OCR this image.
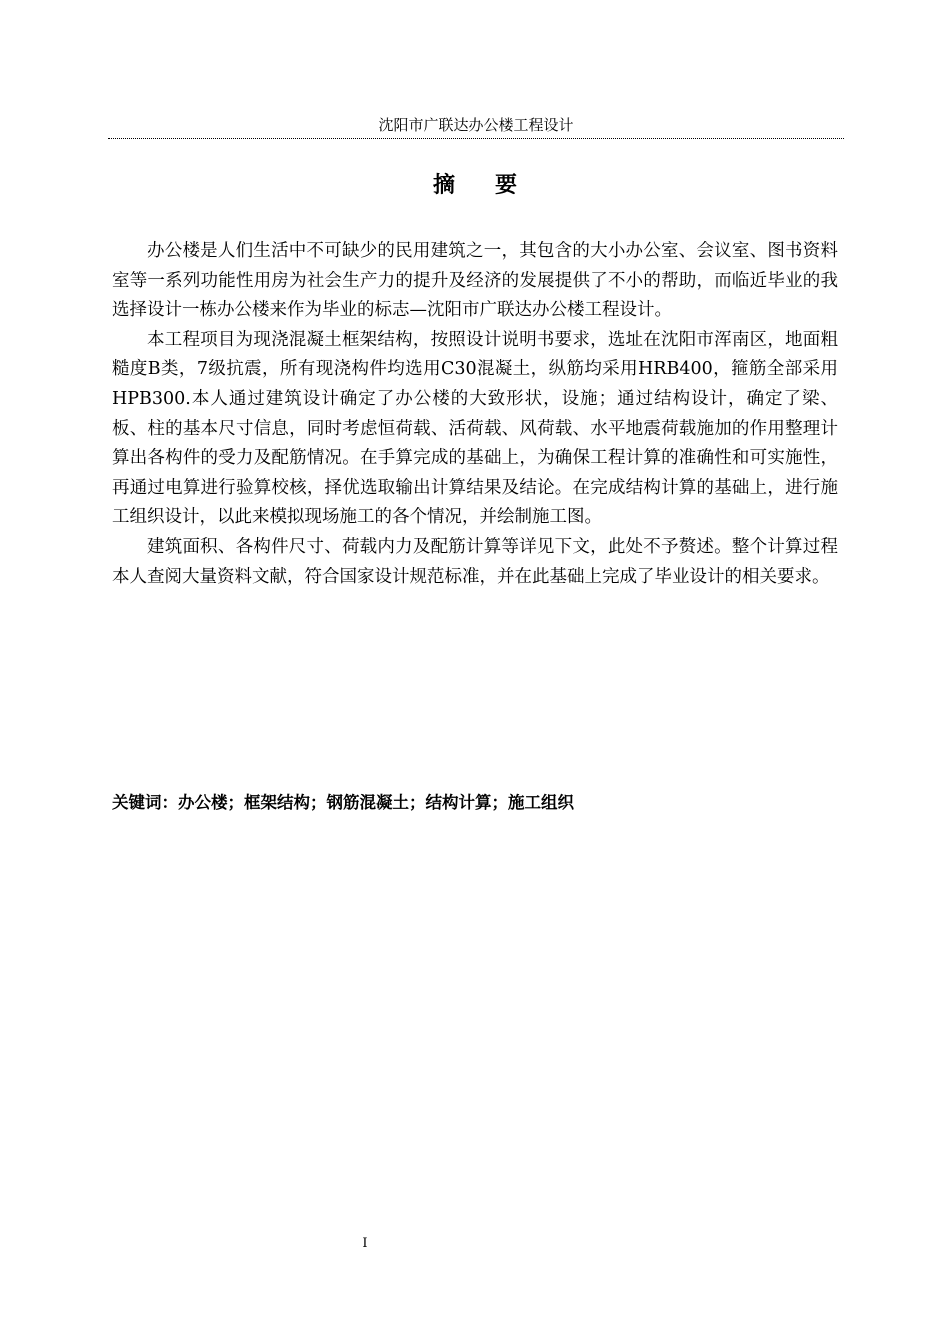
沈阳市广联达办公楼工程设计
摘要

办公楼是人们生活中不可缺少的民用建筑之一，其包含的大小办公室、会议室、图书资料室等一系列功能性用房为社会生产力的提升及经济的发展提供了不小的帮助，而临近毕业的我选择设计一栋办公楼来作为毕业的标志—沈阳市广联达办公楼工程设计。

本工程项目为现浇混凝土框架结构，按照设计说明书要求，选址在沈阳市浑南区，地面粗糙度B类，7级抗震，所有现浇构件均选用C30混凝土，纵筋均采用HRB400，箍筋全部采用HPB300.本人通过建筑设计确定了办公楼的大致形状，设施；通过结构设计，确定了梁、板、柱的基本尺寸信息，同时考虑恒荷载、活荷载、风荷载、水平地震荷载施加的作用整理计算出各构件的受力及配筋情况。在手算完成的基础上，为确保工程计算的准确性和可实施性，再通过电算进行验算校核，择优选取输出计算结果及结论。在完成结构计算的基础上，进行施工组织设计，以此来模拟现场施工的各个情况，并绘制施工图。

建筑面积、各构件尺寸、荷载内力及配筋计算等详见下文，此处不予赘述。整个计算过程本人查阅大量资料文献，符合国家设计规范标准，并在此基础上完成了毕业设计的相关要求。

关键词：办公楼；框架结构；钢筋混凝土；结构计算；施工组织
I
